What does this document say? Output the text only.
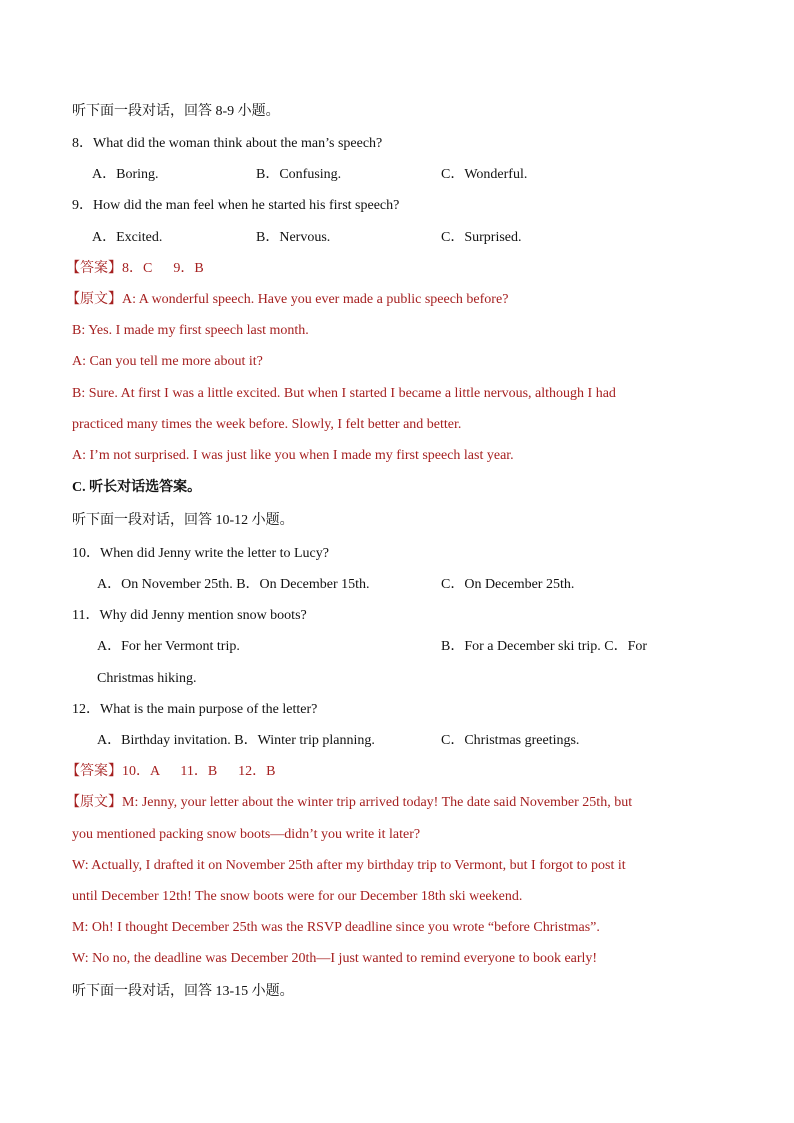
听下面一段对话，回答 8-9 小题。
8．What did the woman think about the man’s speech?
A．Boring.	B．Confusing.	C．Wonderful.
9．How did the man feel when he started his first speech?
A．Excited.	B．Nervous.	C．Surprised.
【答案】8．C      9．B
【原文】A: A wonderful speech. Have you ever made a public speech before?
B: Yes. I made my first speech last month.
A: Can you tell me more about it?
B: Sure. At first I was a little excited. But when I started I became a little nervous, although I had
practiced many times the week before. Slowly, I felt better and better.
A: I’m not surprised. I was just like you when I made my first speech last year.
C. 听长对话选答案。
听下面一段对话，回答 10-12 小题。
10．When did Jenny write the letter to Lucy?
A．On November 25th. B．On December 15th.	C．On December 25th.
11．Why did Jenny mention snow boots?
A．For her Vermont trip.	B．For a December ski trip. C．For
Christmas hiking.
12．What is the main purpose of the letter?
A．Birthday invitation. B．Winter trip planning.	C．Christmas greetings.
【答案】10．A      11．B      12．B
【原文】M: Jenny, your letter about the winter trip arrived today! The date said November 25th, but
you mentioned packing snow boots—didn’t you write it later?
W: Actually, I drafted it on November 25th after my birthday trip to Vermont, but I forgot to post it
until December 12th! The snow boots were for our December 18th ski weekend.
M: Oh! I thought December 25th was the RSVP deadline since you wrote “before Christmas”.
W: No no, the deadline was December 20th—I just wanted to remind everyone to book early!
听下面一段对话，回答 13-15 小题。
